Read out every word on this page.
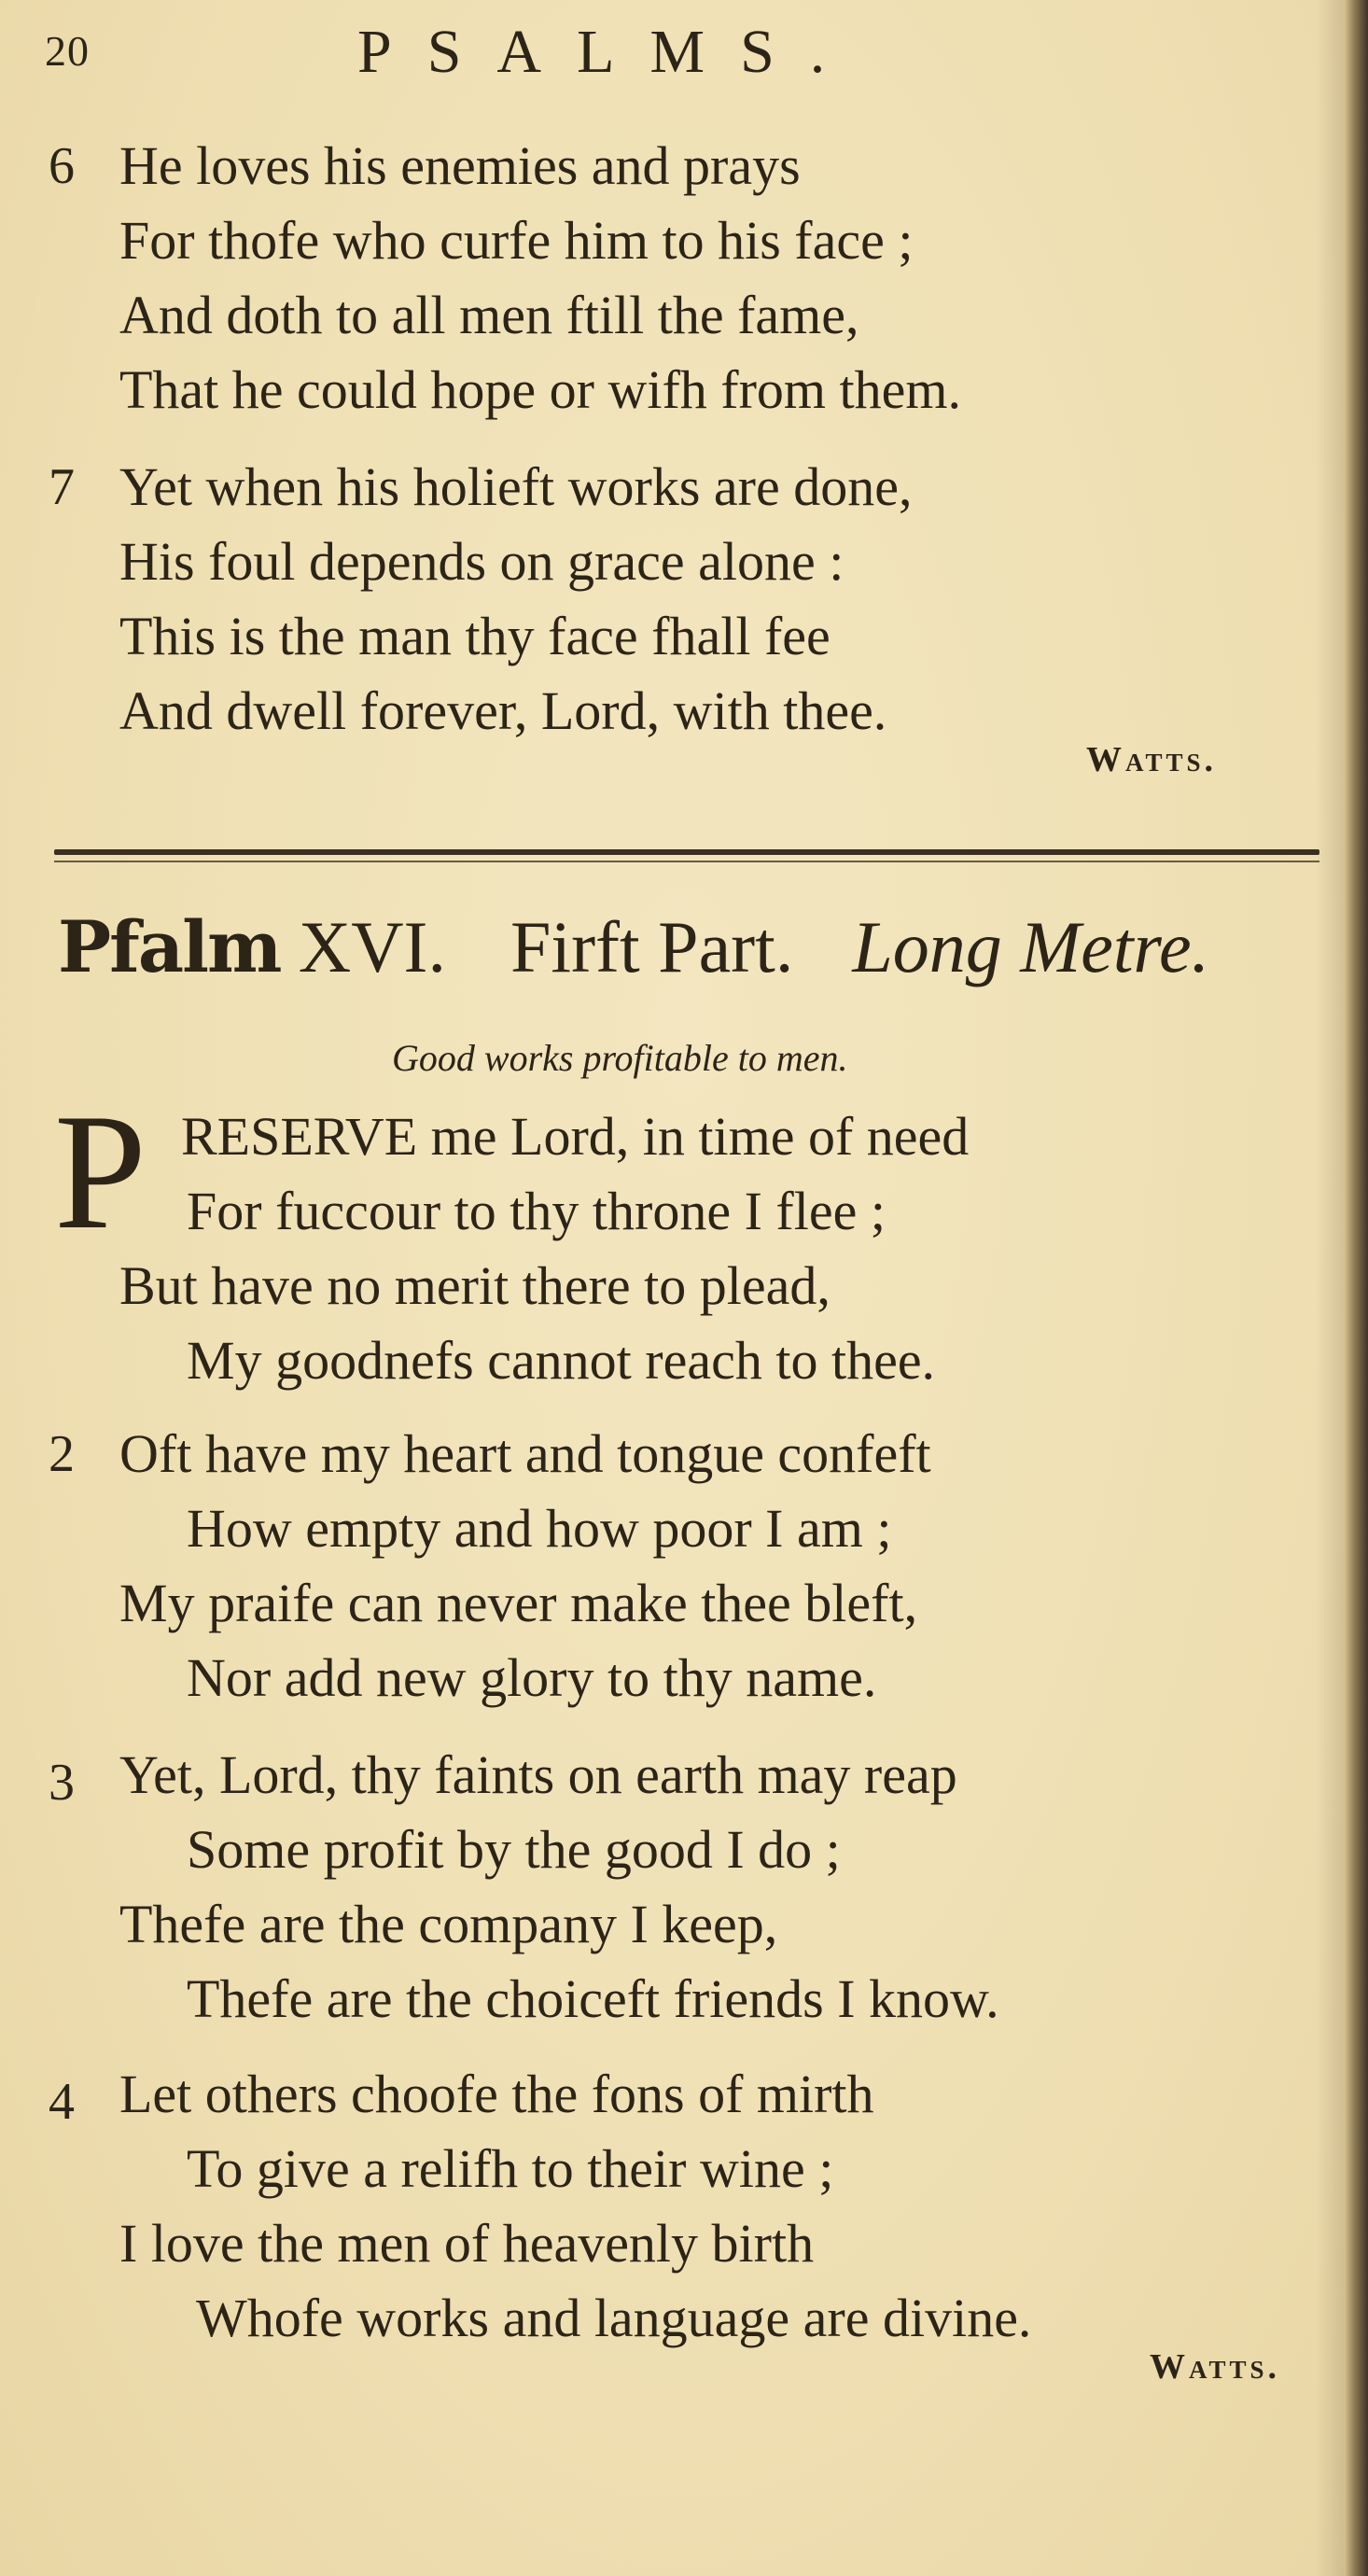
20	PSALMS.
6 He loves his enemies and prays
For thofe who curfe him to his face ;
And doth to all men ftill the fame,
That he could hope or wifh from them.
7 Yet when his holieft works are done,
His foul depends on grace alone :
This is the man thy face fhall fee
And dwell forever, Lord, with thee.
Watts.
Pfalm XVI. Firft Part. Long Metre.
Good works profitable to men.
P RESERVE me Lord, in time of need
For fuccour to thy throne I flee ;
But have no merit there to plead,
My goodnefs cannot reach to thee.
2 Oft have my heart and tongue confeft
How empty and how poor I am ;
My praife can never make thee bleft,
Nor add new glory to thy name.
3 Yet, Lord, thy faints on earth may reap
Some profit by the good I do ;
Thefe are the company I keep,
Thefe are the choiceft friends I know.
4 Let others choofe the fons of mirth
To give a relifh to their wine ;
I love the men of heavenly birth
Whofe works and language are divine.
Watts.
